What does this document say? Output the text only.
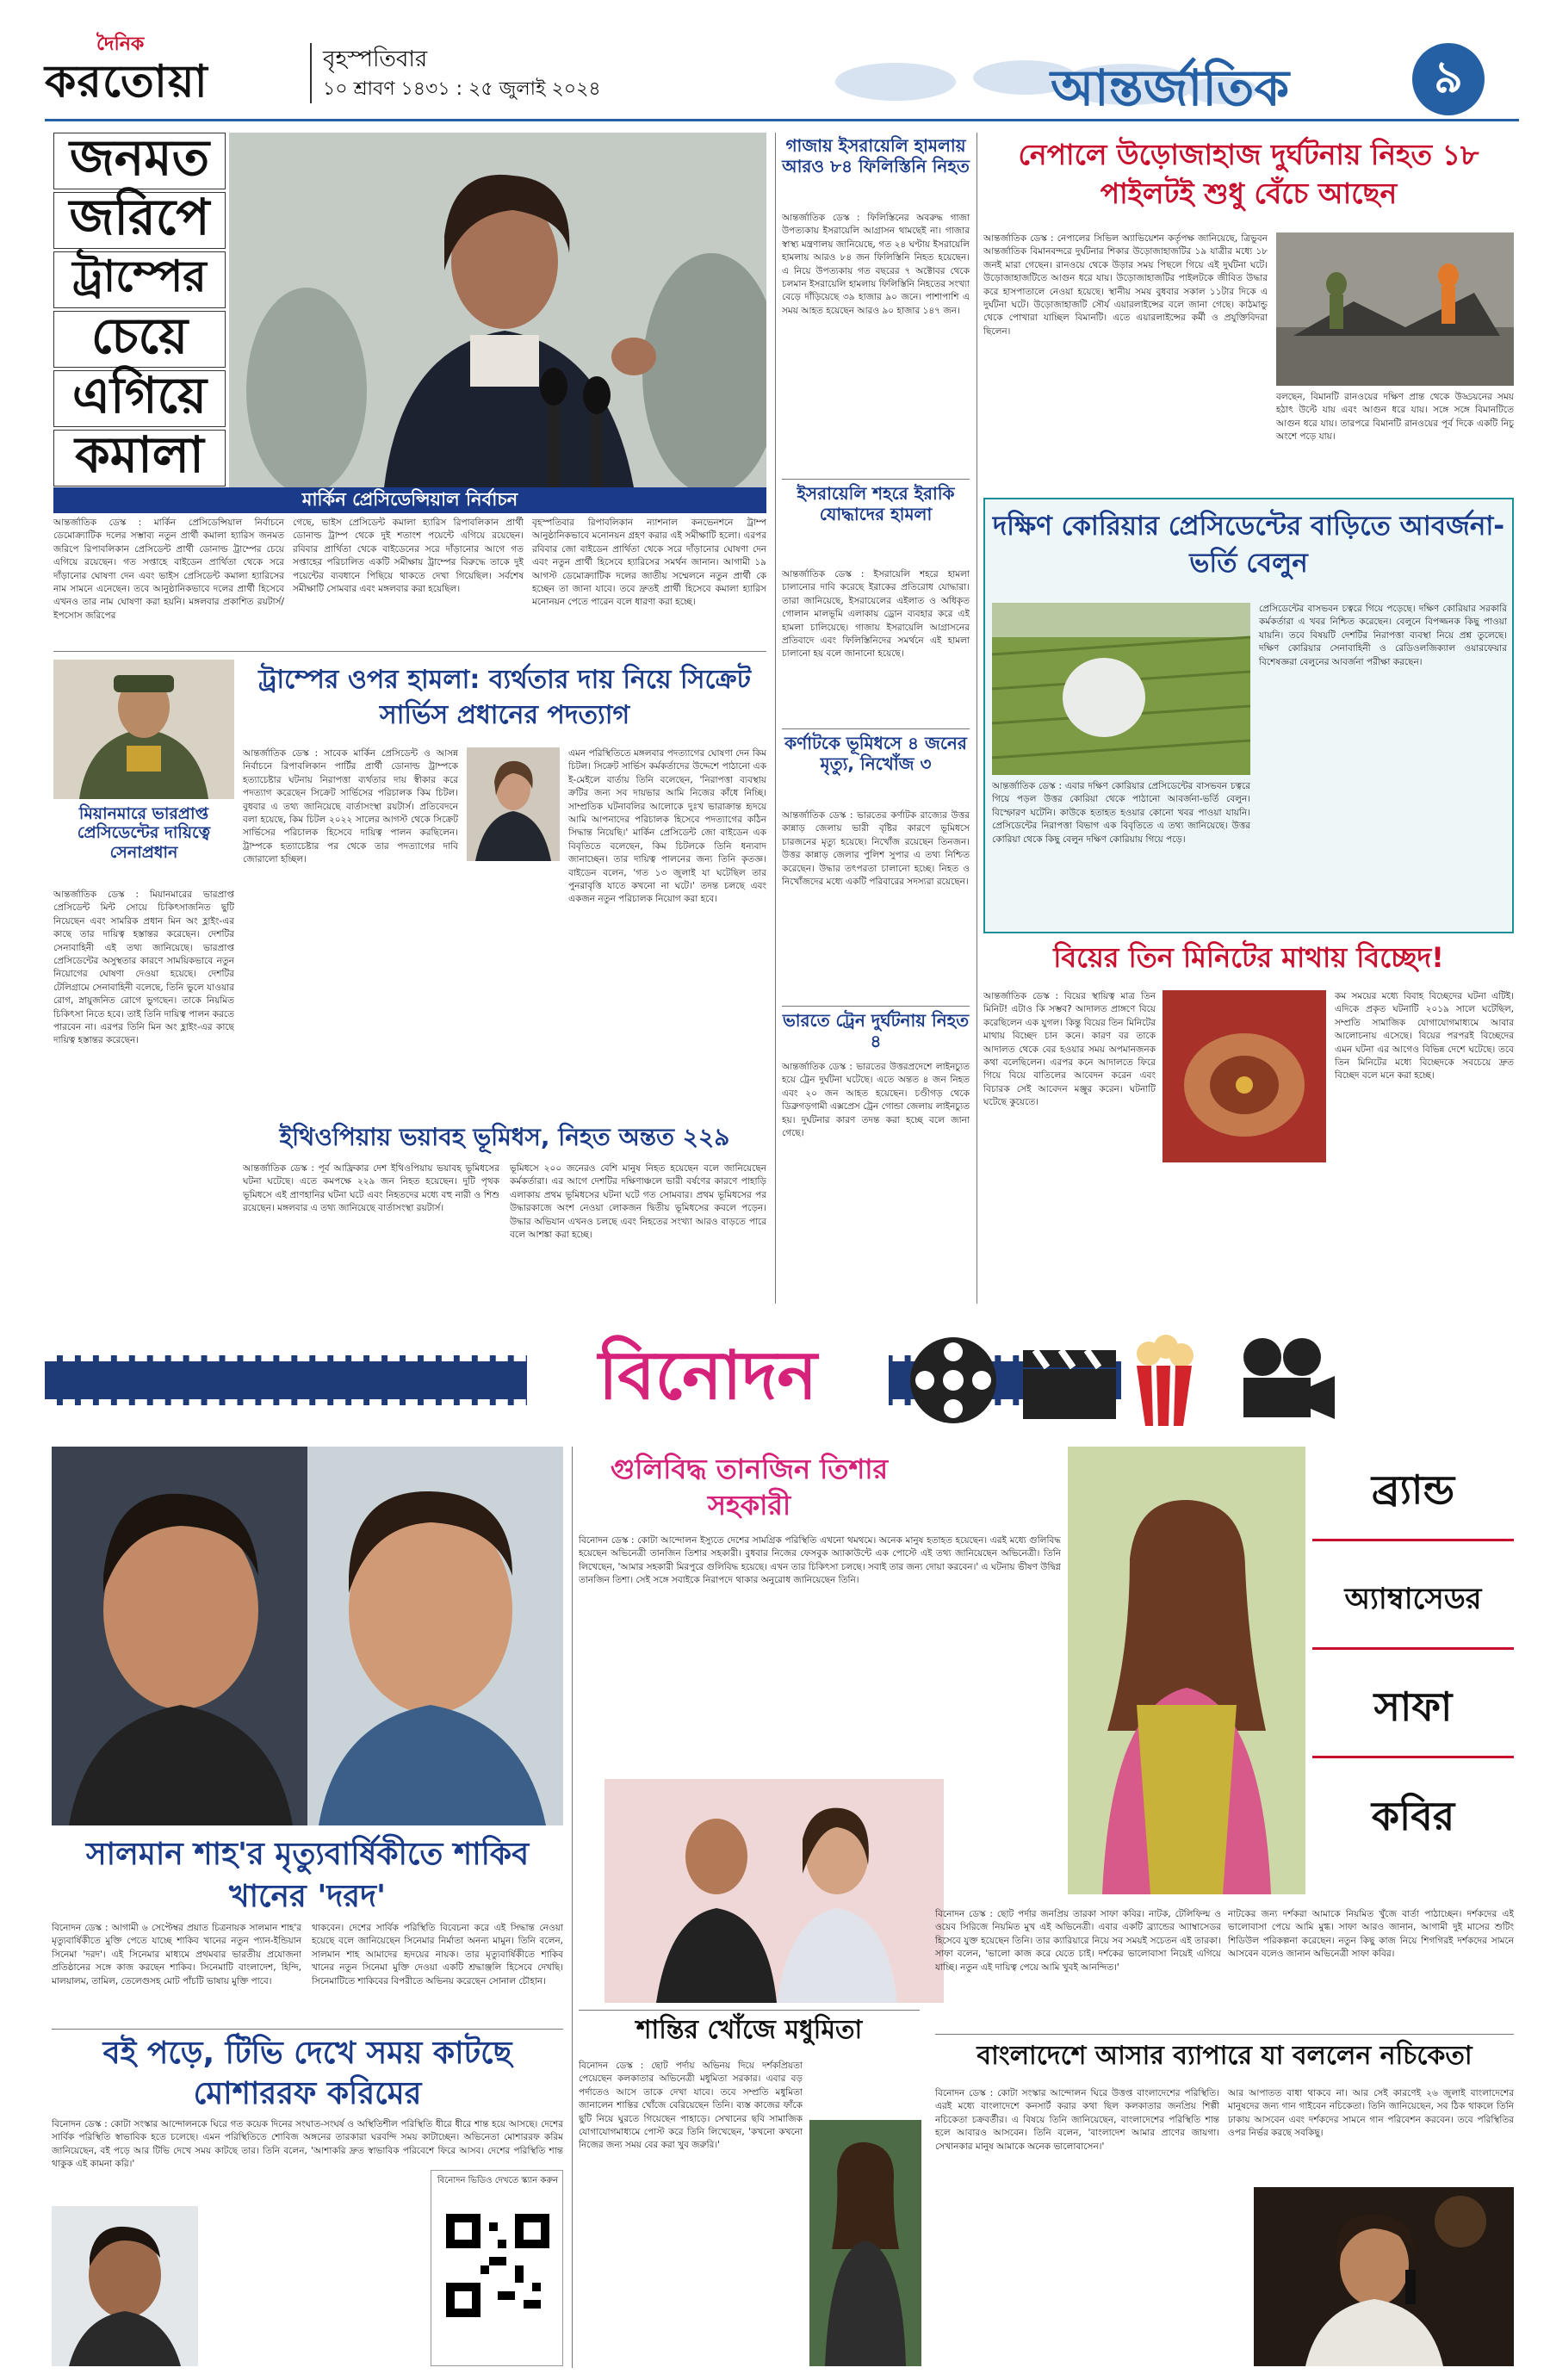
দৈনিক
করতোয়া	বৃহস্পতিবার
১০ শ্রাবণ ১৪৩১ : ২৫ জুলাই ২০২৪	আন্তর্জাতিক	৯
জনমত
জরিপে
ট্রাম্পের
চেয়ে
এগিয়ে
কমালা
মার্কিন প্রেসিডেন্সিয়াল নির্বাচন
আন্তর্জাতিক ডেস্ক : মার্কিন প্রেসিডেন্সিয়াল নির্বাচনে ডেমোক্র্যাটিক দলের সম্ভাব্য নতুন প্রার্থী কমালা হ্যারিস জনমত জরিপে রিপাবলিকান প্রেসিডেন্ট প্রার্থী ডোনাল্ড ট্রাম্পের চেয়ে এগিয়ে রয়েছেন। গত সপ্তাহে বাইডেন প্রার্থিতা থেকে সরে দাঁড়ানোর ঘোষণা দেন এবং ভাইস প্রেসিডেন্ট কমালা হ্যারিসের নাম সামনে এনেছেন। তবে আনুষ্ঠানিকভাবে দলের প্রার্থী হিসেবে এখনও তার নাম ঘোষণা করা হয়নি। মঙ্গলবার প্রকাশিত রয়টার্স/ইপসোস জরিপের
গেছে, ভাইস প্রেসিডেন্ট কমালা হ্যারিস রিপাবলিকান প্রার্থী ডোনাল্ড ট্রাম্প থেকে দুই শতাংশ পয়েন্টে এগিয়ে রয়েছেন। রবিবার প্রার্থিতা থেকে বাইডেনের সরে দাঁড়ানোর আগে গত সপ্তাহের পরিচালিত একটি সমীক্ষায় ট্রাম্পের বিরুদ্ধে তাকে দুই পয়েন্টের ব্যবধানে পিছিয়ে থাকতে দেখা গিয়েছিল। সর্বশেষ সমীক্ষাটি সোমবার এবং মঙ্গলবার করা হয়েছিল।
বৃহস্পতিবার রিপাবলিকান ন্যাশনাল কনভেনশনে ট্রাম্প আনুষ্ঠানিকভাবে মনোনয়ন গ্রহণ করার এই সমীক্ষাটি হলো। এরপর রবিবার জো বাইডেন প্রার্থিতা থেকে সরে দাঁড়ানোর ঘোষণা দেন এবং নতুন প্রার্থী হিসেবে হ্যারিসের সমর্থন জানান। আগামী ১৯ আগস্ট ডেমোক্র্যাটিক দলের জাতীয় সম্মেলনে নতুন প্রার্থী কে হচ্ছেন তা জানা যাবে। তবে দ্রুতই প্রার্থী হিসেবে কমালা হ্যারিস মনোনয়ন পেতে পারেন বলে ধারণা করা হচ্ছে।
মিয়ানমারে ভারপ্রাপ্ত প্রেসিডেন্টের দায়িত্বে সেনাপ্রধান
আন্তর্জাতিক ডেস্ক : মিয়ানমারের ভারপ্রাপ্ত প্রেসিডেন্ট মিন্ট সোয়ে চিকিৎসাজনিত ছুটি নিয়েছেন এবং সামরিক প্রধান মিন অং হ্লাইং-এর কাছে তার দায়িত্ব হস্তান্তর করেছেন। দেশটির সেনাবাহিনী এই তথ্য জানিয়েছে। ভারপ্রাপ্ত প্রেসিডেন্টের অসুস্থতার কারণে সাময়িকভাবে নতুন নিয়োগের ঘোষণা দেওয়া হয়েছে। দেশটির টেলিগ্রামে সেনাবাহিনী বলেছে, তিনি ভুলে যাওয়ার রোগ, স্নায়ুজনিত রোগে ভুগছেন। তাকে নিয়মিত চিকিৎসা নিতে হবে। তাই তিনি দায়িত্ব পালন করতে পারবেন না। এরপর তিনি মিন অং হ্লাইং-এর কাছে দায়িত্ব হস্তান্তর করেছেন।
ট্রাম্পের ওপর হামলা: ব্যর্থতার দায় নিয়ে সিক্রেট সার্ভিস প্রধানের পদত্যাগ
আন্তর্জাতিক ডেস্ক : সাবেক মার্কিন প্রেসিডেন্ট ও আসন্ন নির্বাচনে রিপাবলিকান পার্টির প্রার্থী ডোনাল্ড ট্রাম্পকে হত্যাচেষ্টার ঘটনায় নিরাপত্তা ব্যর্থতার দায় স্বীকার করে পদত্যাগ করেছেন সিক্রেট সার্ভিসের পরিচালক কিম চিটল। বুধবার এ তথ্য জানিয়েছে বার্তাসংস্থা রয়টার্স। প্রতিবেদনে বলা হয়েছে, কিম চিটল ২০২২ সালের আগস্ট থেকে সিক্রেট সার্ভিসের পরিচালক হিসেবে দায়িত্ব পালন করছিলেন। ট্রাম্পকে হত্যাচেষ্টার পর থেকে তার পদত্যাগের দাবি জোরালো হচ্ছিল।
এমন পরিস্থিতিতে মঙ্গলবার পদত্যাগের ঘোষণা দেন কিম চিটল। সিক্রেট সার্ভিস কর্মকর্তাদের উদ্দেশে পাঠানো এক ই-মেইলে বার্তায় তিনি বলেছেন, 'নিরাপত্তা ব্যবস্থায় ক্রটির জন্য সব দায়ভার আমি নিজের কাঁধে নিচ্ছি। সাম্প্রতিক ঘটনাবলির আলোকে দুঃখ ভারাক্রান্ত হৃদয়ে আমি আপনাদের পরিচালক হিসেবে পদত্যাগের কঠিন সিদ্ধান্ত নিয়েছি।' মার্কিন প্রেসিডেন্ট জো বাইডেন এক বিবৃতিতে বলেছেন, কিম চিটলকে তিনি ধন্যবাদ জানাচ্ছেন। তার দায়িত্ব পালনের জন্য তিনি কৃতজ্ঞ। বাইডেন বলেন, 'গত ১৩ জুলাই যা ঘটেছিল তার পুনরাবৃত্তি যাতে কখনো না ঘটে।' তদন্ত চলছে এবং একজন নতুন পরিচালক নিয়োগ করা হবে।
ইথিওপিয়ায় ভয়াবহ ভূমিধস, নিহত অন্তত ২২৯
আন্তর্জাতিক ডেস্ক : পূর্ব আফ্রিকার দেশ ইথিওপিয়ায় ভয়াবহ ভূমিধসের ঘটনা ঘটেছে। এতে কমপক্ষে ২২৯ জন নিহত হয়েছেন। দুটি পৃথক ভূমিধসে এই প্রাণহানির ঘটনা ঘটে এবং নিহতদের মধ্যে বহু নারী ও শিশু রয়েছেন। মঙ্গলবার এ তথ্য জানিয়েছে বার্তাসংস্থা রয়টার্স।
ভূমিধসে ২০০ জনেরও বেশি মানুষ নিহত হয়েছেন বলে জানিয়েছেন কর্মকর্তারা। এর আগে দেশটির দক্ষিণাঞ্চলে ভারী বর্ষণের কারণে পাহাড়ি এলাকায় প্রথম ভূমিধসের ঘটনা ঘটে গত সোমবার। প্রথম ভূমিধসের পর উদ্ধারকাজে অংশ নেওয়া লোকজন দ্বিতীয় ভূমিধসের কবলে পড়েন। উদ্ধার অভিযান এখনও চলছে এবং নিহতের সংখ্যা আরও বাড়তে পারে বলে আশঙ্কা করা হচ্ছে।
গাজায় ইসরায়েলি হামলায় আরও ৮৪ ফিলিস্তিনি নিহত
আন্তর্জাতিক ডেস্ক : ফিলিস্তিনের অবরুদ্ধ গাজা উপত্যকায় ইসরায়েলি আগ্রাসন থামছেই না। গাজার স্বাস্থ্য মন্ত্রণালয় জানিয়েছে, গত ২৪ ঘণ্টায় ইসরায়েলি হামলায় আরও ৮৪ জন ফিলিস্তিনি নিহত হয়েছেন। এ নিয়ে উপত্যকায় গত বছরের ৭ অক্টোবর থেকে চলমান ইসরায়েলি হামলায় ফিলিস্তিনি নিহতের সংখ্যা বেড়ে দাঁড়িয়েছে ৩৯ হাজার ৯০ জনে। পাশাপাশি এ সময় আহত হয়েছেন আরও ৯০ হাজার ১৪৭ জন।
ইসরায়েলি শহরে ইরাকি যোদ্ধাদের হামলা
আন্তর্জাতিক ডেস্ক : ইসরায়েলি শহরে হামলা চালানোর দাবি করেছে ইরাকের প্রতিরোধ যোদ্ধারা। তারা জানিয়েছে, ইসরায়েলের এইলাত ও অধিকৃত গোলান মালভূমি এলাকায় ড্রোন ব্যবহার করে এই হামলা চালিয়েছে। গাজায় ইসরায়েলি আগ্রাসনের প্রতিবাদে এবং ফিলিস্তিনিদের সমর্থনে এই হামলা চালানো হয় বলে জানানো হয়েছে।
কর্ণাটকে ভূমিধসে ৪ জনের মৃত্যু, নিখোঁজ ৩
আন্তর্জাতিক ডেস্ক : ভারতের কর্ণাটক রাজ্যের উত্তর কান্নাড় জেলায় ভারী বৃষ্টির কারণে ভূমিধসে চারজনের মৃত্যু হয়েছে। নিখোঁজ রয়েছেন তিনজন। উত্তর কান্নাড় জেলার পুলিশ সুপার এ তথ্য নিশ্চিত করেছেন। উদ্ধার তৎপরতা চালানো হচ্ছে। নিহত ও নিখোঁজদের মধ্যে একটি পরিবারের সদস্যরা রয়েছেন।
ভারতে ট্রেন দুর্ঘটনায় নিহত ৪
আন্তর্জাতিক ডেস্ক : ভারতের উত্তরপ্রদেশে লাইনচ্যুত হয়ে ট্রেন দুর্ঘটনা ঘটেছে। এতে অন্তত ৪ জন নিহত এবং ২০ জন আহত হয়েছেন। চণ্ডীগড় থেকে ডিব্রুগড়গামী এক্সপ্রেস ট্রেন গোন্ডা জেলায় লাইনচ্যুত হয়। দুর্ঘটনার কারণ তদন্ত করা হচ্ছে বলে জানা গেছে।
নেপালে উড়োজাহাজ দুর্ঘটনায় নিহত ১৮ পাইলটই শুধু বেঁচে আছেন
আন্তর্জাতিক ডেস্ক : নেপালের সিভিল অ্যাভিয়েশন কর্তৃপক্ষ জানিয়েছে, ত্রিভুবন আন্তর্জাতিক বিমানবন্দরে দুর্ঘটনার শিকার উড়োজাহাজটির ১৯ যাত্রীর মধ্যে ১৮ জনই মারা গেছেন। রানওয়ে থেকে উড়ার সময় পিছলে গিয়ে এই দুর্ঘটনা ঘটে। উড়োজাহাজটিতে আগুন ধরে যায়। উড়োজাহাজটির পাইলটকে জীবিত উদ্ধার করে হাসপাতালে নেওয়া হয়েছে। স্থানীয় সময় বুধবার সকাল ১১টার দিকে এ দুর্ঘটনা ঘটে। উড়োজাহাজটি সৌর্য এয়ারলাইন্সের বলে জানা গেছে। কাঠমান্ডু থেকে পোখারা যাচ্ছিল বিমানটি। এতে এয়ারলাইন্সের কর্মী ও প্রযুক্তিবিদরা ছিলেন।
বলছেন, বিমানটি রানওয়ের দক্ষিণ প্রান্ত থেকে উড্ডয়নের সময় হঠাৎ উল্টে যায় এবং আগুন ধরে যায়। সঙ্গে সঙ্গে বিমানটিতে আগুন ধরে যায়। তারপরে বিমানটি রানওয়ের পূর্ব দিকে একটি নিচু অংশে পড়ে যায়।
দক্ষিণ কোরিয়ার প্রেসিডেন্টের বাড়িতে আবর্জনা-ভর্তি বেলুন
আন্তর্জাতিক ডেস্ক : এবার দক্ষিণ কোরিয়ার প্রেসিডেন্টের বাসভবন চত্বরে গিয়ে পড়ল উত্তর কোরিয়া থেকে পাঠানো আবর্জনা-ভর্তি বেলুন। বিস্ফোরণ ঘটেনি। কাউকে হতাহত হওয়ার কোনো খবর পাওয়া যায়নি। প্রেসিডেন্টের নিরাপত্তা বিভাগ এক বিবৃতিতে এ তথ্য জানিয়েছে। উত্তর কোরিয়া থেকে কিছু বেলুন দক্ষিণ কোরিয়ায় গিয়ে পড়ে।
প্রেসিডেন্টের বাসভবন চত্বরে গিয়ে পড়েছে। দক্ষিণ কোরিয়ার সরকারি কর্মকর্তারা এ খবর নিশ্চিত করেছেন। বেলুনে বিপজ্জনক কিছু পাওয়া যায়নি। তবে বিষয়টি দেশটির নিরাপত্তা ব্যবস্থা নিয়ে প্রশ্ন তুলেছে। দক্ষিণ কোরিয়ার সেনাবাহিনী ও রেডিওলজিক্যাল ওয়ারফেয়ার বিশেষজ্ঞরা বেলুনের আবর্জনা পরীক্ষা করছেন।
বিয়ের তিন মিনিটের মাথায় বিচ্ছেদ!
আন্তর্জাতিক ডেস্ক : বিয়ের স্থায়িত্ব মাত্র তিন মিনিট! এটাও কি সম্ভব? আদালত প্রাঙ্গণে বিয়ে করেছিলেন এক যুগল। কিন্তু বিয়ের তিন মিনিটের মাথায় বিচ্ছেদ চান কনে। কারণ বর তাকে আদালত থেকে বের হওয়ার সময় অপমানজনক কথা বলেছিলেন। এরপর কনে আদালতে ফিরে গিয়ে বিয়ে বাতিলের আবেদন করেন এবং বিচারক সেই আবেদন মঞ্জুর করেন। ঘটনাটি ঘটেছে কুয়েতে।
কম সময়ের মধ্যে বিবাহ বিচ্ছেদের ঘটনা এটিই। এদিকে প্রকৃত ঘটনাটি ২০১৯ সালে ঘটেছিল, সম্প্রতি সামাজিক যোগাযোগমাধ্যমে আবার আলোচনায় এসেছে। বিয়ের পরপরই বিচ্ছেদের এমন ঘটনা এর আগেও বিভিন্ন দেশে ঘটেছে। তবে তিন মিনিটের মধ্যে বিচ্ছেদকে সবচেয়ে দ্রুত বিচ্ছেদ বলে মনে করা হচ্ছে।
বিনোদন
সালমান শাহ'র মৃত্যুবার্ষিকীতে শাকিব খানের 'দরদ'
বিনোদন ডেস্ক : আগামী ৬ সেপ্টেম্বর প্রয়াত চিত্রনায়ক সালমান শাহ'র মৃত্যুবার্ষিকীতে মুক্তি পেতে যাচ্ছে শাকিব খানের নতুন প্যান-ইন্ডিয়ান সিনেমা 'দরদ'। এই সিনেমার মাধ্যমে প্রথমবার ভারতীয় প্রযোজনা প্রতিষ্ঠানের সঙ্গে কাজ করছেন শাকিব। সিনেমাটি বাংলাদেশ, হিন্দি, মালয়ালম, তামিল, তেলেগুসহ মোট পাঁচটি ভাষায় মুক্তি পাবে।
থাকবেন। দেশের সার্বিক পরিস্থিতি বিবেচনা করে এই সিদ্ধান্ত নেওয়া হয়েছে বলে জানিয়েছেন সিনেমার নির্মাতা অনন্য মামুন। তিনি বলেন, সালমান শাহ আমাদের হৃদয়ের নায়ক। তার মৃত্যুবার্ষিকীতে শাকিব খানের নতুন সিনেমা মুক্তি দেওয়া একটি শ্রদ্ধাঞ্জলি হিসেবে দেখছি। সিনেমাটিতে শাকিবের বিপরীতে অভিনয় করেছেন সোনাল চৌহান।
বই পড়ে, টিভি দেখে সময় কাটছে মোশাররফ করিমের
বিনোদন ডেস্ক : কোটা সংস্কার আন্দোলনকে ঘিরে গত কয়েক দিনের সংঘাত-সংঘর্ষ ও অস্থিতিশীল পরিস্থিতি ধীরে ধীরে শান্ত হয়ে আসছে। দেশের সার্বিক পরিস্থিতি স্বাভাবিক হতে চলেছে। এমন পরিস্থিতিতে শোবিজ অঙ্গনের তারকারা ঘরবন্দি সময় কাটাচ্ছেন। অভিনেতা মোশাররফ করিম জানিয়েছেন, বই পড়ে আর টিভি দেখে সময় কাটছে তার। তিনি বলেন, 'আশাকরি দ্রুত স্বাভাবিক পরিবেশে ফিরে আসব। দেশের পরিস্থিতি শান্ত থাকুক এই কামনা করি।'
বিনোদন ভিডিও দেখতে স্ক্যান করুন
গুলিবিদ্ধ তানজিন তিশার সহকারী
বিনোদন ডেস্ক : কোটা আন্দোলন ইস্যুতে দেশের সামগ্রিক পরিস্থিতি এখনো থমথমে। অনেক মানুষ হতাহত হয়েছেন। এরই মধ্যে গুলিবিদ্ধ হয়েছেন অভিনেত্রী তানজিন তিশার সহকারী। বুধবার নিজের ফেসবুক অ্যাকাউন্টে এক পোস্টে এই তথ্য জানিয়েছেন অভিনেত্রী। তিনি লিখেছেন, 'আমার সহকারী মিরপুরে গুলিবিদ্ধ হয়েছে। এখন তার চিকিৎসা চলছে। সবাই তার জন্য দোয়া করবেন।' এ ঘটনায় ভীষণ উদ্বিগ্ন তানজিন তিশা। সেই সঙ্গে সবাইকে নিরাপদে থাকার অনুরোধ জানিয়েছেন তিনি।
শান্তির খোঁজে মধুমিতা
বিনোদন ডেস্ক : ছোট পর্দায় অভিনয় দিয়ে দর্শকপ্রিয়তা পেয়েছেন কলকাতার অভিনেত্রী মধুমিতা সরকার। এবার বড় পর্দাতেও আসে তাকে দেখা যাবে। তবে সম্প্রতি মধুমিতা জানালেন শান্তির খোঁজে বেরিয়েছেন তিনি। ব্যস্ত কাজের ফাঁকে ছুটি নিয়ে ঘুরতে গিয়েছেন পাহাড়ে। সেখানের ছবি সামাজিক যোগাযোগমাধ্যমে পোস্ট করে তিনি লিখেছেন, 'কখনো কখনো নিজের জন্য সময় বের করা খুব জরুরি।'
ব্র্যান্ড
অ্যাম্বাসেডর
সাফা
কবির
বিনোদন ডেস্ক : ছোট পর্দার জনপ্রিয় তারকা সাফা কবির। নাটক, টেলিফিল্ম ও ওয়েব সিরিজে নিয়মিত মুখ এই অভিনেত্রী। এবার একটি ব্র্যান্ডের অ্যাম্বাসেডর হিসেবে যুক্ত হয়েছেন তিনি। তার ক্যারিয়ারে নিয়ে সব সময়ই সচেতন এই তারকা। সাফা বলেন, 'ভালো কাজ করে যেতে চাই। দর্শকের ভালোবাসা নিয়েই এগিয়ে যাচ্ছি। নতুন এই দায়িত্ব পেয়ে আমি খুবই আনন্দিত।'
নাটকের জন্য দর্শকরা আমাকে নিয়মিত খুঁজে বার্তা পাঠাচ্ছেন। দর্শকদের এই ভালোবাসা পেয়ে আমি মুগ্ধ। সাফা আরও জানান, আগামী দুই মাসের শুটিং শিডিউল পরিকল্পনা করেছেন। নতুন কিছু কাজ নিয়ে শিগগিরই দর্শকদের সামনে আসবেন বলেও জানান অভিনেত্রী সাফা কবির।
বাংলাদেশে আসার ব্যাপারে যা বললেন নচিকেতা
বিনোদন ডেস্ক : কোটা সংস্কার আন্দোলন ঘিরে উত্তপ্ত বাংলাদেশের পরিস্থিতি। এরই মধ্যে বাংলাদেশে কনসার্ট করার কথা ছিল কলকাতার জনপ্রিয় শিল্পী নচিকেতা চক্রবর্তীর। এ বিষয়ে তিনি জানিয়েছেন, বাংলাদেশের পরিস্থিতি শান্ত হলে আবারও আসবেন। তিনি বলেন, 'বাংলাদেশ আমার প্রাণের জায়গা। সেখানকার মানুষ আমাকে অনেক ভালোবাসেন।'
আর আপাতত বাধা থাকবে না। আর সেই কারণেই ২৬ জুলাই বাংলাদেশের মানুষদের জন্য গান গাইবেন নচিকেতা। তিনি জানিয়েছেন, সব ঠিক থাকলে তিনি ঢাকায় আসবেন এবং দর্শকদের সামনে গান পরিবেশন করবেন। তবে পরিস্থিতির ওপর নির্ভর করছে সবকিছু।
